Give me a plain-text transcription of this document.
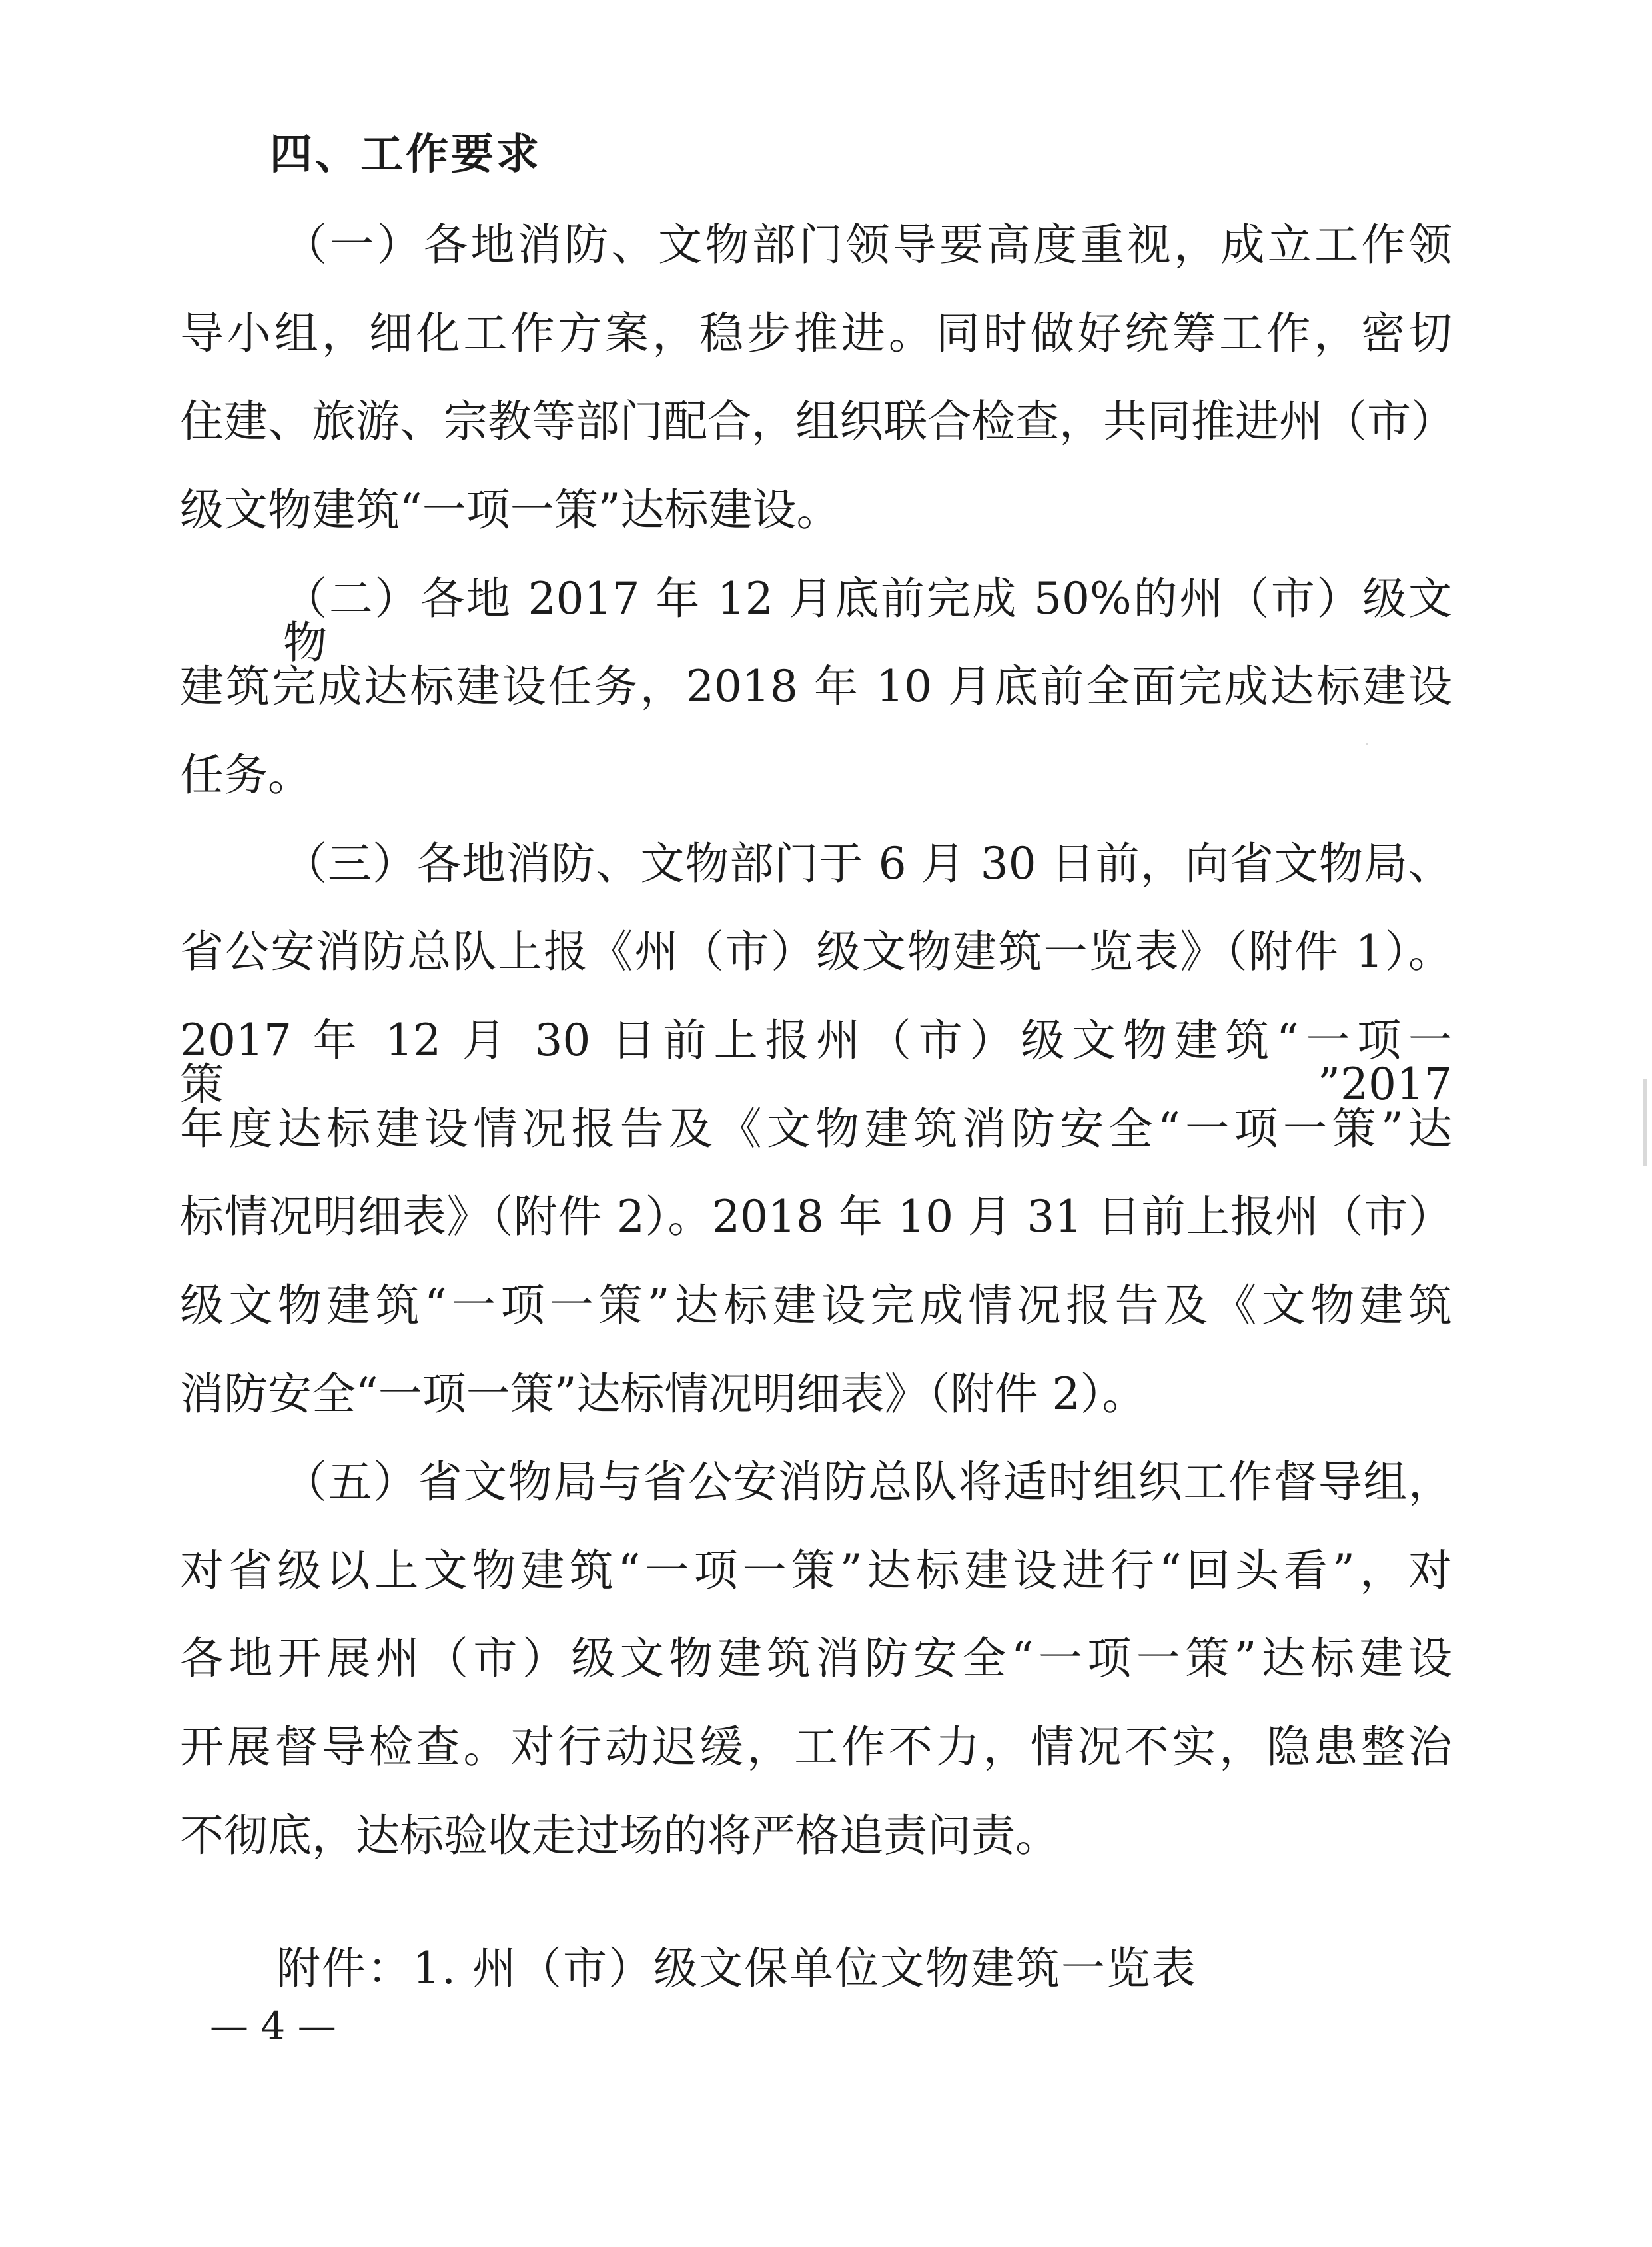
四、工作要求
（一）各地消防、文物部门领导要高度重视，成立工作领
导小组，细化工作方案，稳步推进。同时做好统筹工作，密切
住建、旅游、宗教等部门配合，组织联合检查，共同推进州（市）
级文物建筑“一项一策”达标建设。
（二）各地 2017 年 12 月底前完成 50%的州（市）级文物
建筑完成达标建设任务，2018 年 10 月底前全面完成达标建设
任务。
（三）各地消防、文物部门于 6 月 30 日前，向省文物局、
省公安消防总队上报《州（市）级文物建筑一览表》（附件 1）。
2017 年 12 月 30 日前上报州（市）级文物建筑“一项一策”2017
年度达标建设情况报告及《文物建筑消防安全“一项一策”达
标情况明细表》（附件 2）。2018 年 10 月 31 日前上报州（市）
级文物建筑“一项一策”达标建设完成情况报告及《文物建筑
消防安全“一项一策”达标情况明细表》（附件 2）。
（五）省文物局与省公安消防总队将适时组织工作督导组，
对省级以上文物建筑“一项一策”达标建设进行“回头看”，对
各地开展州（市）级文物建筑消防安全“一项一策”达标建设
开展督导检查。对行动迟缓，工作不力，情况不实，隐患整治
不彻底，达标验收走过场的将严格追责问责。
附件：1. 州（市）级文保单位文物建筑一览表
— 4 —
